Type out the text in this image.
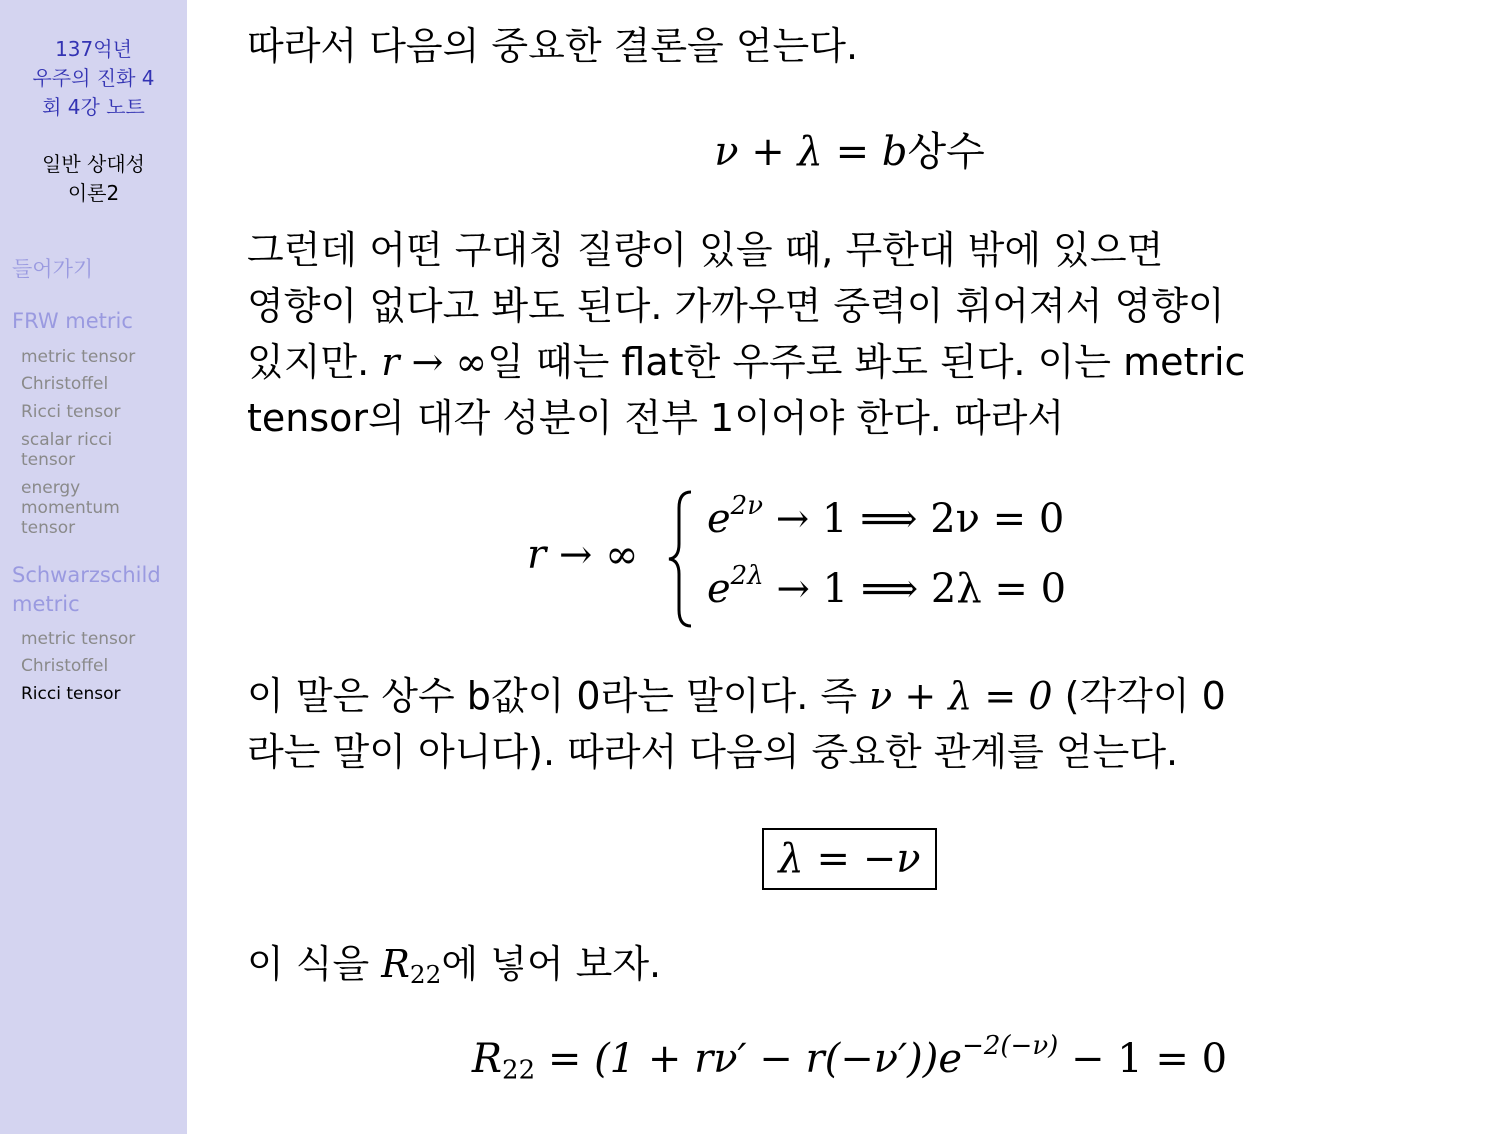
137억년
우주의 진화 4
회 4강 노트
일반 상대성
이론2
들어가기
FRW metric
metric tensor
Christoffel
Ricci tensor
scalar ricci tensor
energy momentum tensor
Schwarzschild metric
metric tensor
Christoffel
Ricci tensor
따라서 다음의 중요한 결론을 얻는다.
ν + λ = b상수
그런데 어떤 구대칭 질량이 있을 때, 무한대 밖에 있으면
영향이 없다고 봐도 된다. 가까우면 중력이 휘어져서 영향이
있지만. r → ∞일 때는 flat한 우주로 봐도 된다. 이는 metric
tensor의 대각 성분이 전부 1이어야 한다. 따라서
r → ∞
$e^{2\nu} \to 1$ ⟹ 2ν = 0
$e^{2\lambda} \to 1$ ⟹ 2λ = 0
이 말은 상수 b값이 0라는 말이다. 즉 ν + λ = 0 (각각이 0
라는 말이 아니다). 따라서 다음의 중요한 관계를 얻는다.
λ = −ν
이 식을 $R_{22}$에 넣어 보자.
$R_{22} = (1 + r\nu' - r(-\nu'))e^{-2(-\nu)} - 1 = 0$
